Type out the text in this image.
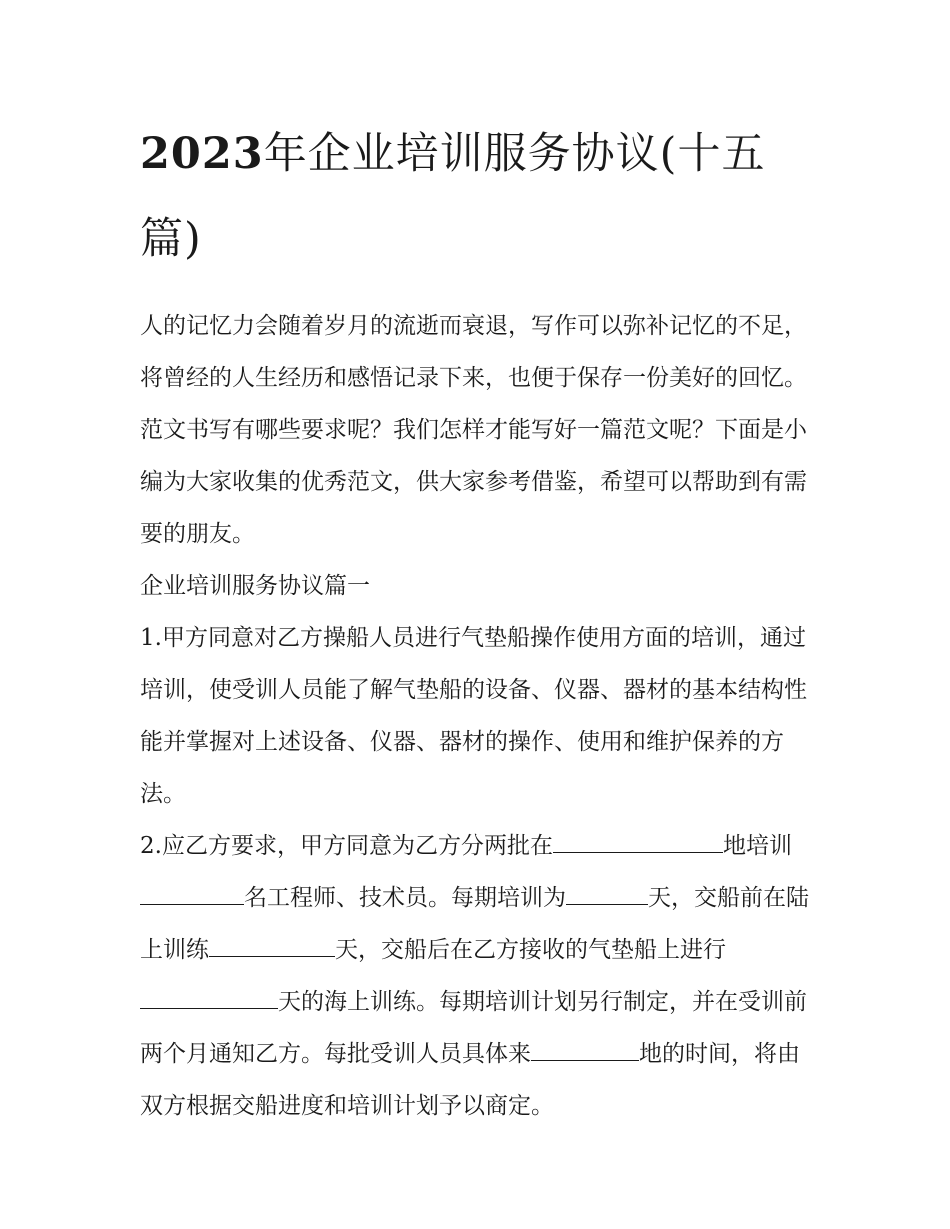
2023年企业培训服务协议(十五篇)

人的记忆力会随着岁月的流逝而衰退，写作可以弥补记忆的不足，将曾经的人生经历和感悟记录下来，也便于保存一份美好的回忆。范文书写有哪些要求呢？我们怎样才能写好一篇范文呢？下面是小编为大家收集的优秀范文，供大家参考借鉴，希望可以帮助到有需要的朋友。

企业培训服务协议篇一

1.甲方同意对乙方操船人员进行气垫船操作使用方面的培训，通过培训，使受训人员能了解气垫船的设备、仪器、器材的基本结构性能并掌握对上述设备、仪器、器材的操作、使用和维护保养的方法。

2.应乙方要求，甲方同意为乙方分两批在	地培训名工程师、技术员。每期培训为	天，交船前在陆上训练	天，交船后在乙方接收的气垫船上进行天的海上训练。每期培训计划另行制定，并在受训前两个月通知乙方。每批受训人员具体来	地的时间，将由双方根据交船进度和培训计划予以商定。
